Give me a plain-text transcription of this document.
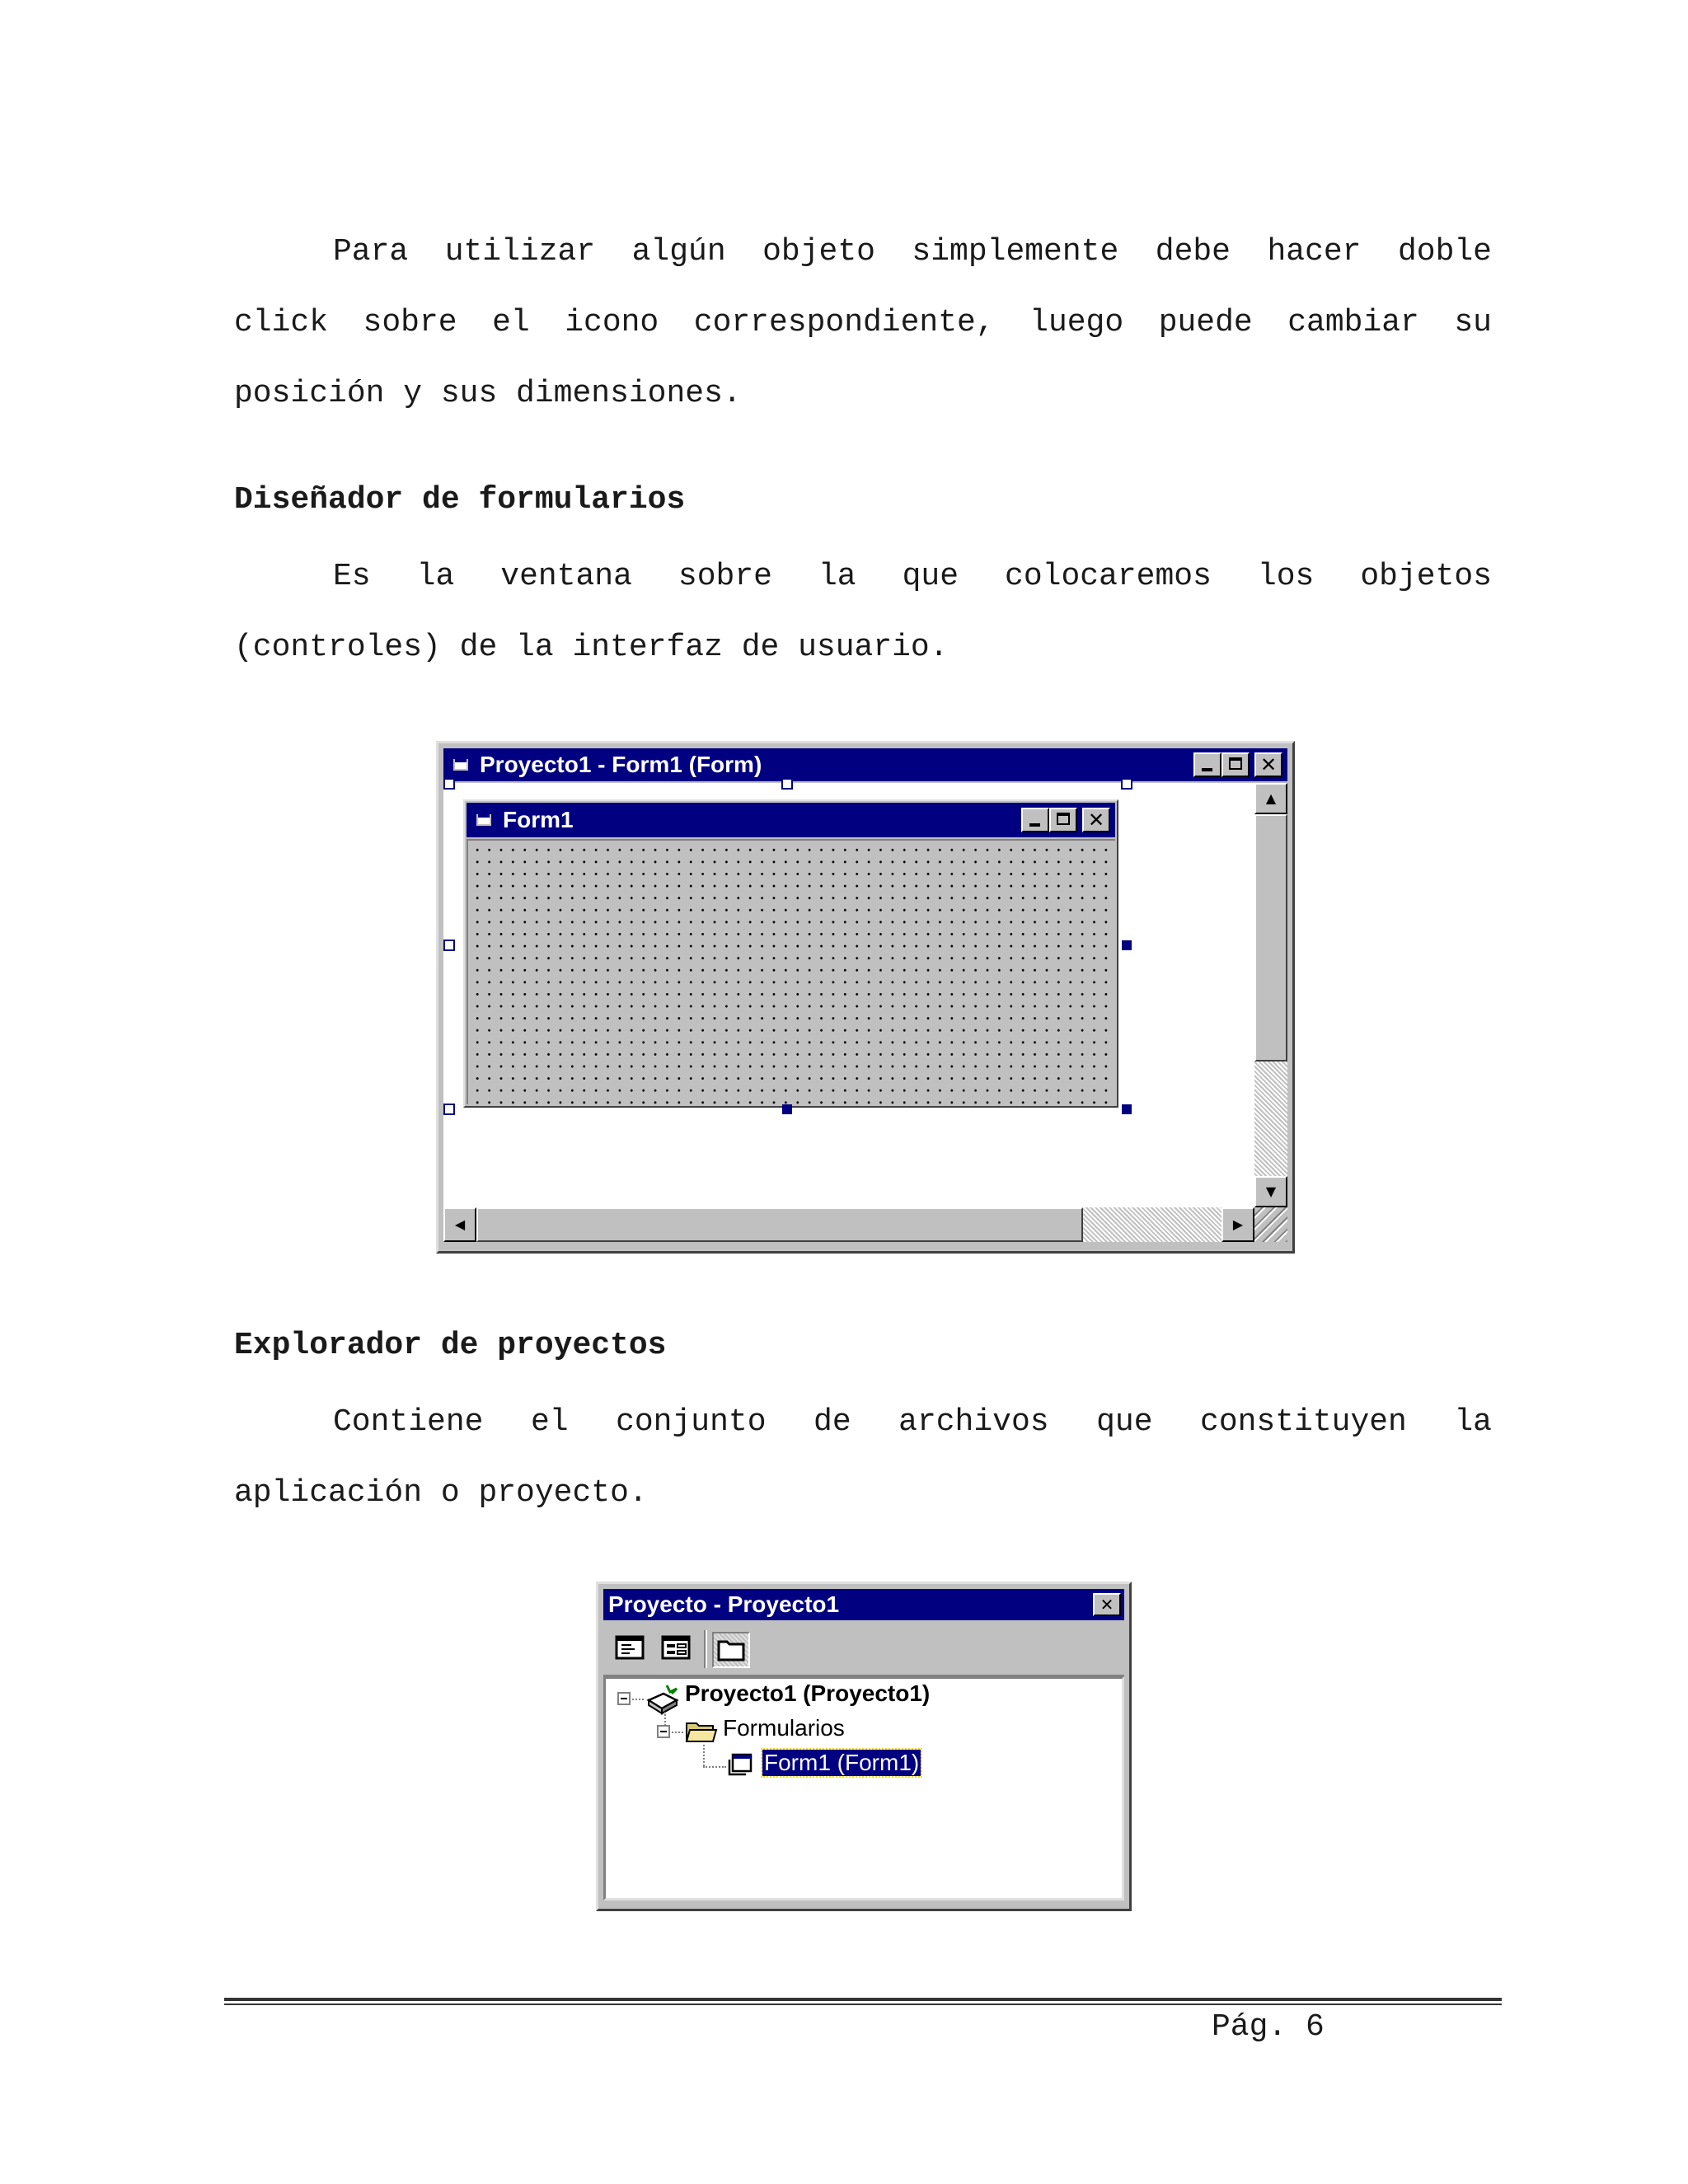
Para utilizar algún objeto simplemente debe hacer doble
click sobre el icono correspondiente, luego puede cambiar su
posición y sus dimensiones.

Diseñador de formularios

Es la ventana sobre la que colocaremos los objetos
(controles) de la interfaz de usuario.

Proyecto1 - Form1 (Form)	✕
Form1	✕
▲
▼
◀	▶
Explorador de proyectos

Contiene el conjunto de archivos que constituyen la
aplicación o proyecto.

Proyecto - Proyecto1	✕
Proyecto1 (Proyecto1)
Formularios
Form1 (Form1)
Pág. 6
